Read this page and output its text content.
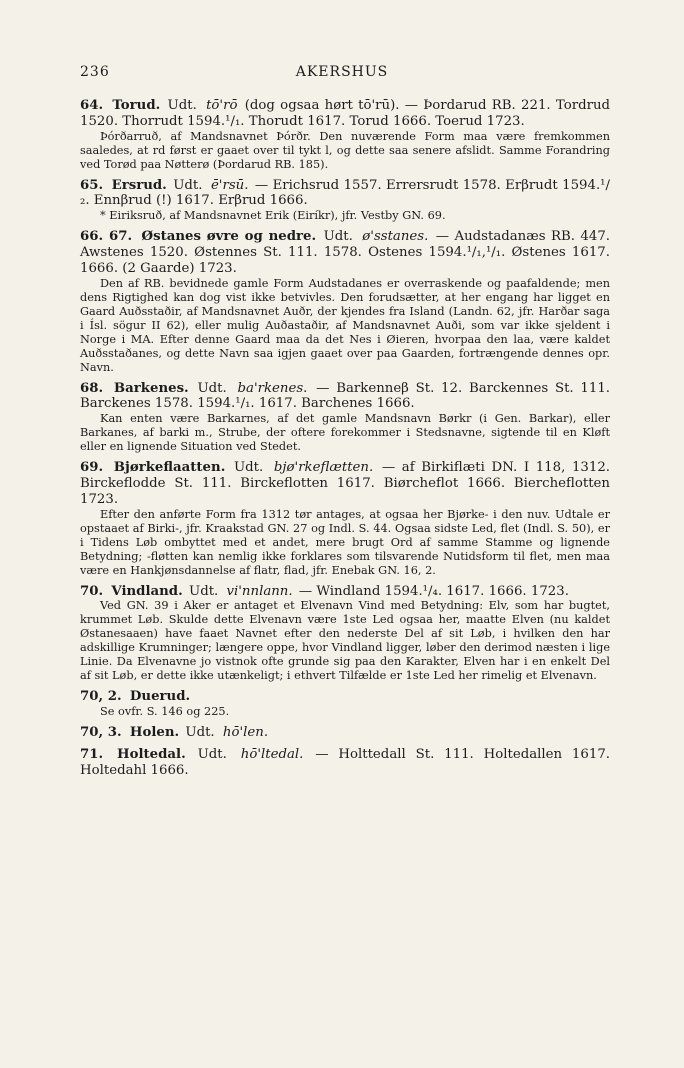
236	AKERSHUS

64. Torud. Udt. tō'rō (dog ogsaa hørt tō'rū). — Þordarud RB. 221. Tordrud 1520. Thorrudt 1594.¹/₁. Thorudt 1617. Torud 1666. Toerud 1723.

Þórðarruð, af Mandsnavnet Þórðr. Den nuværende Form maa være fremkommen saaledes, at rd først er gaaet over til tykt l, og dette saa senere afslidt. Samme Forandring ved Torød paa Nøtterø (Þordarud RB. 185).

65. Ersrud. Udt. ē'rsū. — Erichsrud 1557. Errersrudt 1578. Erβrudt 1594.¹/₂. Ennβrud (!) 1617. Erβrud 1666.

* Eiriksruð, af Mandsnavnet Erik (Eiríkr), jfr. Vestby GN. 69.

66. 67. Østanes øvre og nedre. Udt. ø'sstanes. — Audstadanæs RB. 447. Awstenes 1520. Østennes St. 111. 1578. Ostenes 1594.¹/₁,¹/₁. Østenes 1617. 1666. (2 Gaarde) 1723.

Den af RB. bevidnede gamle Form Audstadanes er overraskende og paafaldende; men dens Rigtighed kan dog vist ikke betvivles. Den forudsætter, at her engang har ligget en Gaard Auðsstaðir, af Mandsnavnet Auðr, der kjendes fra Island (Landn. 62, jfr. Harðar saga i Ísl. sögur II 62), eller mulig Auðastaðir, af Mandsnavnet Auði, som var ikke sjeldent i Norge i MA. Efter denne Gaard maa da det Nes i Øieren, hvorpaa den laa, være kaldet Auðsstaðanes, og dette Navn saa igjen gaaet over paa Gaarden, fortrængende dennes opr. Navn.

68. Barkenes. Udt. ba'rkenes. — Barkenneβ St. 12. Barckennes St. 111. Barckenes 1578. 1594.¹/₁. 1617. Barchenes 1666.

Kan enten være Barkarnes, af det gamle Mandsnavn Børkr (i Gen. Barkar), eller Barkanes, af barki m., Strube, der oftere forekommer i Stedsnavne, sigtende til en Kløft eller en lignende Situation ved Stedet.

69. Bjørkeflaatten. Udt. bjø'rkeflætten. — af Birkiflæti DN. I 118, 1312. Birckeflodde St. 111. Birckeflotten 1617. Biørcheflot 1666. Biercheflotten 1723.

Efter den anførte Form fra 1312 tør antages, at ogsaa her Bjørke- i den nuv. Udtale er opstaaet af Birki-, jfr. Kraakstad GN. 27 og Indl. S. 44. Ogsaa sidste Led, flet (Indl. S. 50), er i Tidens Løb ombyttet med et andet, mere brugt Ord af samme Stamme og lignende Betydning; -fløtten kan nemlig ikke forklares som tilsvarende Nutidsform til flet, men maa være en Hankjønsdannelse af flatr, flad, jfr. Enebak GN. 16, 2.

70. Vindland. Udt. vi'nnlann. — Windland 1594.¹/₄. 1617. 1666. 1723.

Ved GN. 39 i Aker er antaget et Elvenavn Vind med Betydning: Elv, som har bugtet, krummet Løb. Skulde dette Elvenavn være 1ste Led ogsaa her, maatte Elven (nu kaldet Østanesaaen) have faaet Navnet efter den nederste Del af sit Løb, i hvilken den har adskillige Krumninger; længere oppe, hvor Vindland ligger, løber den derimod næsten i lige Linie. Da Elvenavne jo vistnok ofte grunde sig paa den Karakter, Elven har i en enkelt Del af sit Løb, er dette ikke utænkeligt; i ethvert Tilfælde er 1ste Led her rimelig et Elvenavn.

70, 2. Duerud.

Se ovfr. S. 146 og 225.

70, 3. Holen. Udt. hō'len.

71. Holtedal. Udt. hō'ltedal. — Holttedall St. 111. Holtedallen 1617. Holtedahl 1666.
